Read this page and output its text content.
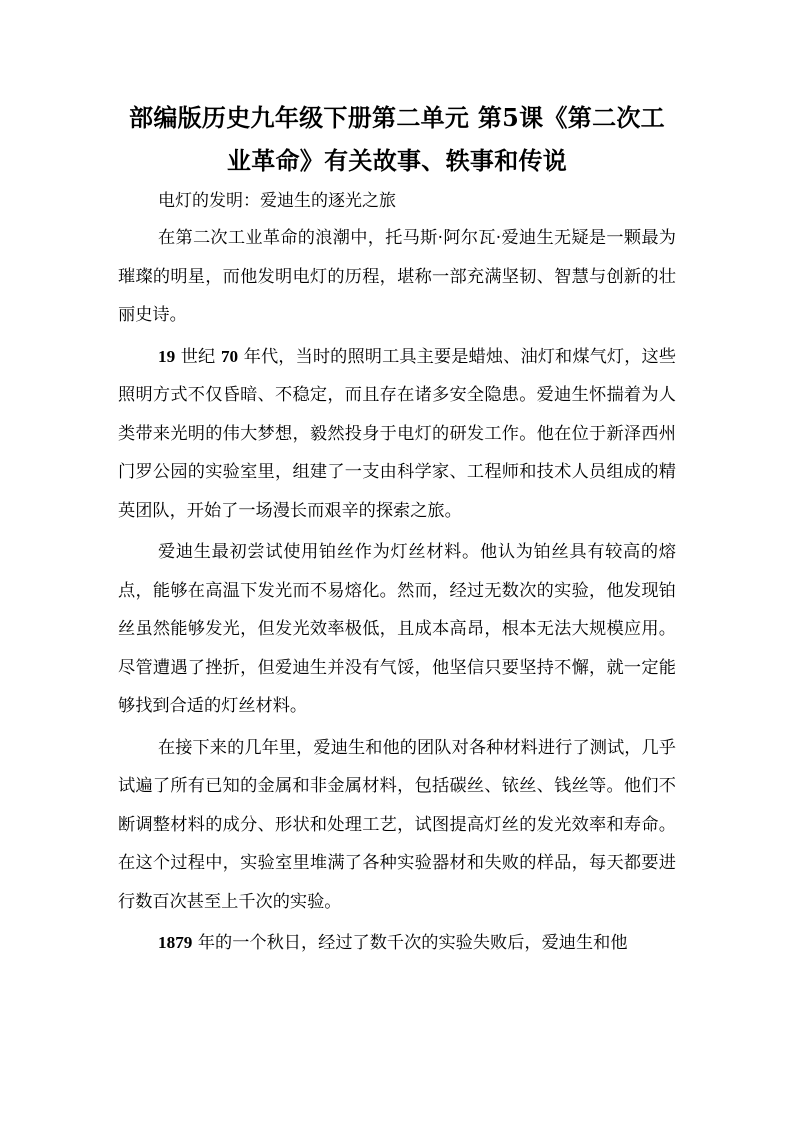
部编版历史九年级下册第二单元 第5课《第二次工业革命》有关故事、轶事和传说

电灯的发明：爱迪生的逐光之旅

在第二次工业革命的浪潮中，托马斯·阿尔瓦·爱迪生无疑是一颗最为璀璨的明星，而他发明电灯的历程，堪称一部充满坚韧、智慧与创新的壮丽史诗。

19 世纪 70 年代，当时的照明工具主要是蜡烛、油灯和煤气灯，这些照明方式不仅昏暗、不稳定，而且存在诸多安全隐患。爱迪生怀揣着为人类带来光明的伟大梦想，毅然投身于电灯的研发工作。他在位于新泽西州门罗公园的实验室里，组建了一支由科学家、工程师和技术人员组成的精英团队，开始了一场漫长而艰辛的探索之旅。

爱迪生最初尝试使用铂丝作为灯丝材料。他认为铂丝具有较高的熔点，能够在高温下发光而不易熔化。然而，经过无数次的实验，他发现铂丝虽然能够发光，但发光效率极低，且成本高昂，根本无法大规模应用。尽管遭遇了挫折，但爱迪生并没有气馁，他坚信只要坚持不懈，就一定能够找到合适的灯丝材料。

在接下来的几年里，爱迪生和他的团队对各种材料进行了测试，几乎试遍了所有已知的金属和非金属材料，包括碳丝、铱丝、钱丝等。他们不断调整材料的成分、形状和处理工艺，试图提高灯丝的发光效率和寿命。在这个过程中，实验室里堆满了各种实验器材和失败的样品，每天都要进行数百次甚至上千次的实验。

1879 年的一个秋日，经过了数千次的实验失败后，爱迪生和他
